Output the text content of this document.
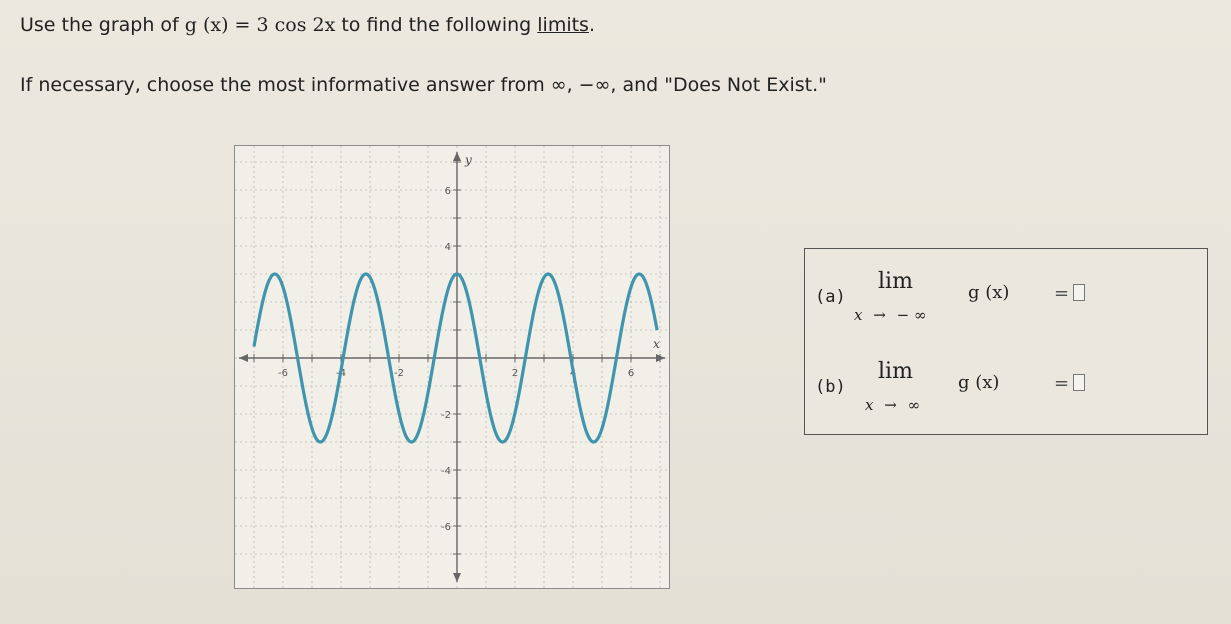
Use the graph of g (x) = 3 cos 2x to find the following limits.
If necessary, choose the most informative answer from ∞, −∞, and "Does Not Exist."
y
x
-6	-4	-2	2	4	6
6
4
-2
-4
-6
(a)
lim
x → − ∞
g (x) =
(b)
lim
x → ∞
g (x)	=
